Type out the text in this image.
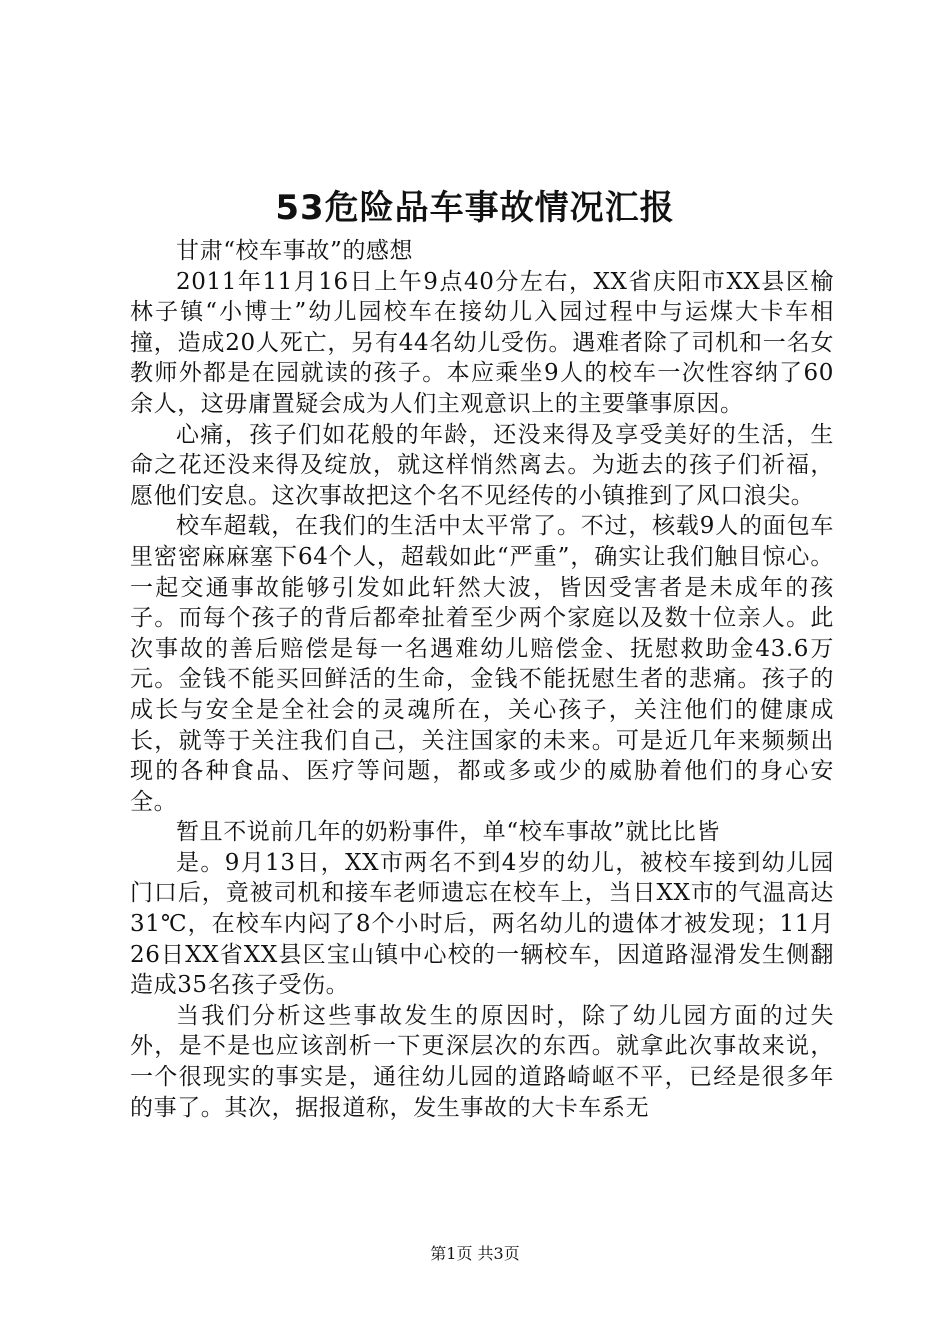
53危险品车事故情况汇报

甘肃“校车事故”的感想

2011年11月16日上午9点40分左右，XX省庆阳市XX县区榆林子镇“小博士”幼儿园校车在接幼儿入园过程中与运煤大卡车相撞，造成20人死亡，另有44名幼儿受伤。遇难者除了司机和一名女教师外都是在园就读的孩子。本应乘坐9人的校车一次性容纳了60余人，这毋庸置疑会成为人们主观意识上的主要肇事原因。

心痛，孩子们如花般的年龄，还没来得及享受美好的生活，生命之花还没来得及绽放，就这样悄然离去。为逝去的孩子们祈福，愿他们安息。这次事故把这个名不见经传的小镇推到了风口浪尖。

校车超载，在我们的生活中太平常了。不过，核载9人的面包车里密密麻麻塞下64个人，超载如此“严重”，确实让我们触目惊心。一起交通事故能够引发如此轩然大波，皆因受害者是未成年的孩子。而每个孩子的背后都牵扯着至少两个家庭以及数十位亲人。此次事故的善后赔偿是每一名遇难幼儿赔偿金、抚慰救助金43.6万元。金钱不能买回鲜活的生命，金钱不能抚慰生者的悲痛。孩子的成长与安全是全社会的灵魂所在，关心孩子，关注他们的健康成长，就等于关注我们自己，关注国家的未来。可是近几年来频频出现的各种食品、医疗等问题，都或多或少的威胁着他们的身心安全。

暂且不说前几年的奶粉事件，单“校车事故”就比比皆

是。9月13日，XX市两名不到4岁的幼儿，被校车接到幼儿园门口后，竟被司机和接车老师遗忘在校车上，当日XX市的气温高达31℃，在校车内闷了8个小时后，两名幼儿的遗体才被发现；11月26日XX省XX县区宝山镇中心校的一辆校车，因道路湿滑发生侧翻造成35名孩子受伤。

当我们分析这些事故发生的原因时，除了幼儿园方面的过失外，是不是也应该剖析一下更深层次的东西。就拿此次事故来说，一个很现实的事实是，通往幼儿园的道路崎岖不平，已经是很多年的事了。其次，据报道称，发生事故的大卡车系无

第1页 共3页
